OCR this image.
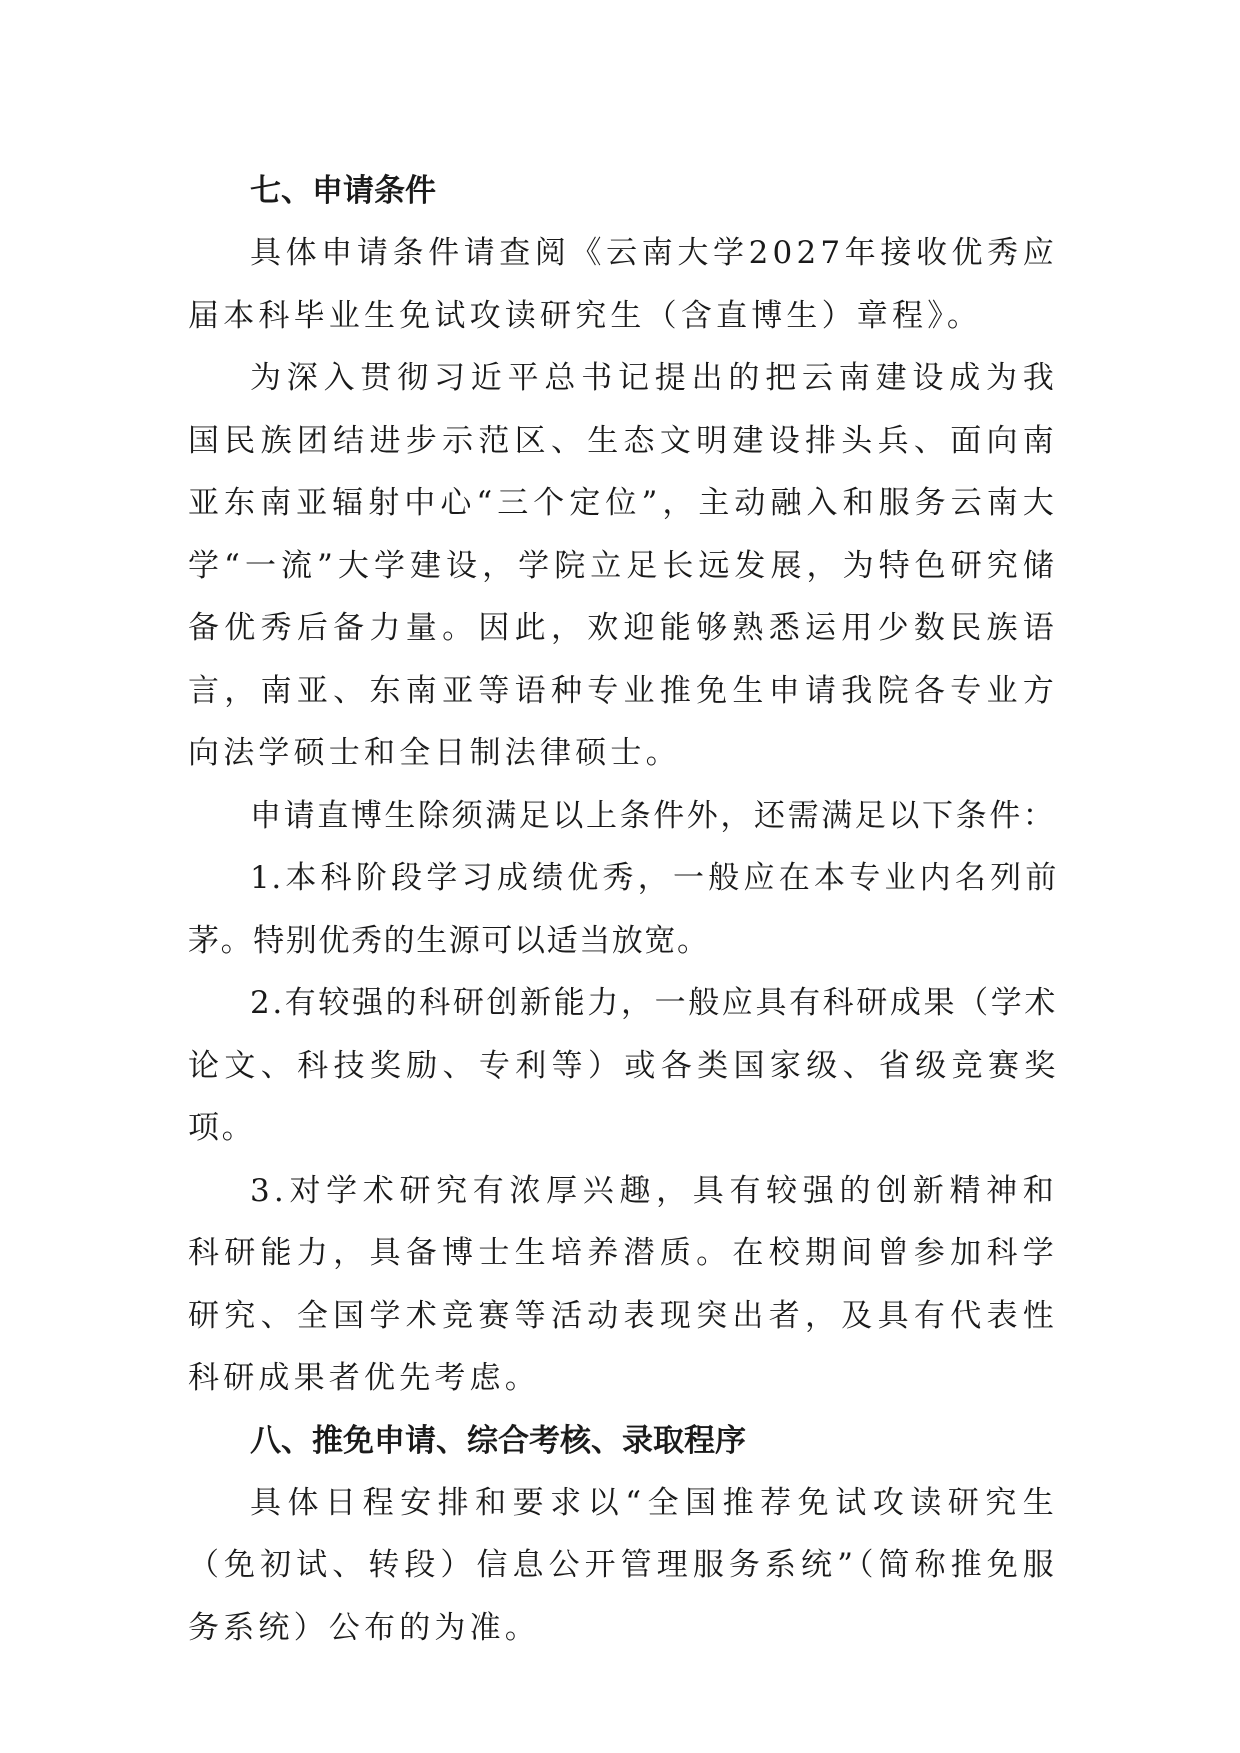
七、申请条件

具体申请条件请查阅《云南大学2027年接收优秀应届本科毕业生免试攻读研究生（含直博生）章程》。

为深入贯彻习近平总书记提出的把云南建设成为我国民族团结进步示范区、生态文明建设排头兵、面向南亚东南亚辐射中心“三个定位”，主动融入和服务云南大学“一流”大学建设，学院立足长远发展，为特色研究储备优秀后备力量。因此，欢迎能够熟悉运用少数民族语言，南亚、东南亚等语种专业推免生申请我院各专业方向法学硕士和全日制法律硕士。

申请直博生除须满足以上条件外，还需满足以下条件：

1.本科阶段学习成绩优秀，一般应在本专业内名列前茅。特别优秀的生源可以适当放宽。

2.有较强的科研创新能力，一般应具有科研成果（学术论文、科技奖励、专利等）或各类国家级、省级竞赛奖项。

3.对学术研究有浓厚兴趣，具有较强的创新精神和科研能力，具备博士生培养潜质。在校期间曾参加科学研究、全国学术竞赛等活动表现突出者，及具有代表性科研成果者优先考虑。

八、推免申请、综合考核、录取程序

具体日程安排和要求以“全国推荐免试攻读研究生（免初试、转段）信息公开管理服务系统”（简称推免服务系统）公布的为准。
